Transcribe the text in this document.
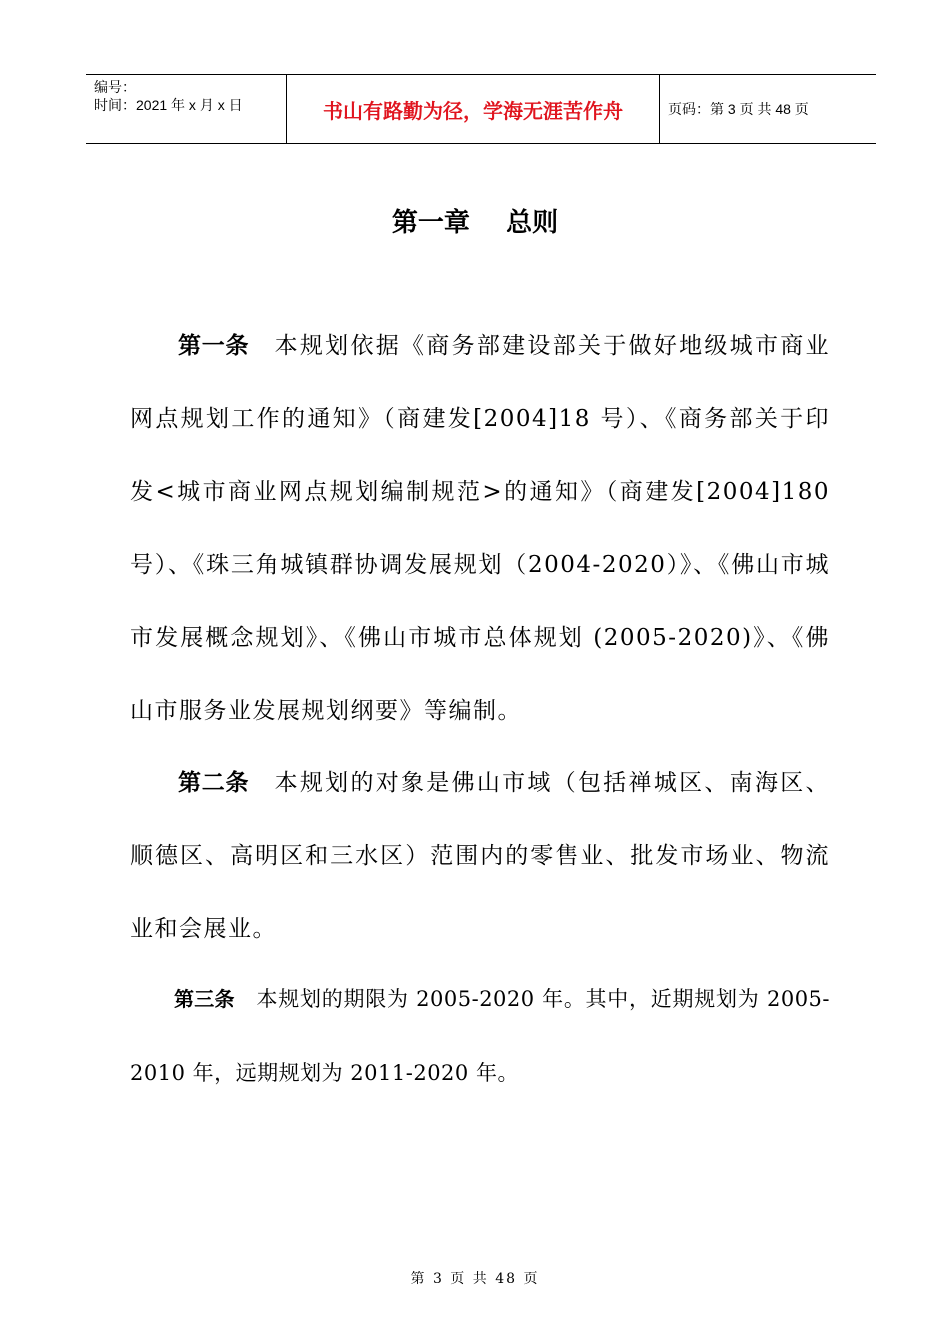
编号：
时间：2021 年 x 月 x 日	书山有路勤为径，学海无涯苦作舟	页码：第 3 页 共 48 页
第一章    总则

第一条　 本规划依据《商务部建设部关于做好地级城市商业网点规划工作的通知》（商建发[2004]18 号）、《商务部关于印发<城市商业网点规划编制规范>的通知》（商建发[2004]180 号）、《珠三角城镇群协调发展规划（2004-2020）》、《佛山市城市发展概念规划》、《佛山市城市总体规划 (2005-2020)》、《佛山市服务业发展规划纲要》等编制。

第二条　 本规划的对象是佛山市域（包括禅城区、南海区、顺德区、高明区和三水区）范围内的零售业、批发市场业、物流业和会展业。

第三条　 本规划的期限为 2005-2020 年。其中，近期规划为 2005-2010 年，远期规划为 2011-2020 年。

第 3 页 共 48 页
